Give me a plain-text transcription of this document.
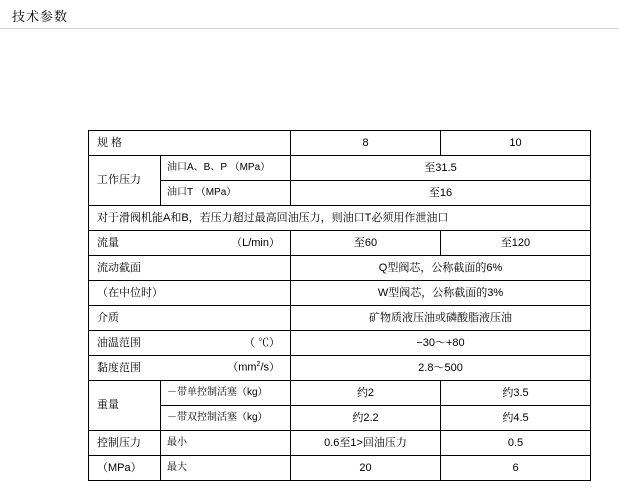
技术参数
规 格		8	10
工作压力	油口A、B、P （MPa）	至31.5	
	油口T （MPa）	至16	
对于滑阀机能A和B，若压力超过最高回油压力，则油口T必须用作泄油口			

流量 （L/min）		至60	至120
流动截面		Q型阀芯，公称截面的6%	
（在中位时）		W型阀芯，公称截面的3%	
介质		矿物质液压油或磷酸脂液压油	

油温范围 （ ℃）		−30～+80	

黏度范围 $(mm^2/s)$		2.8～500	
重量	－带单控制活塞（kg）	约2	约3.5
	－带双控制活塞（kg）	约2.2	约4.5
控制压力	最小	0.6至1>回油压力	0.5
（MPa）	最大	20	6
